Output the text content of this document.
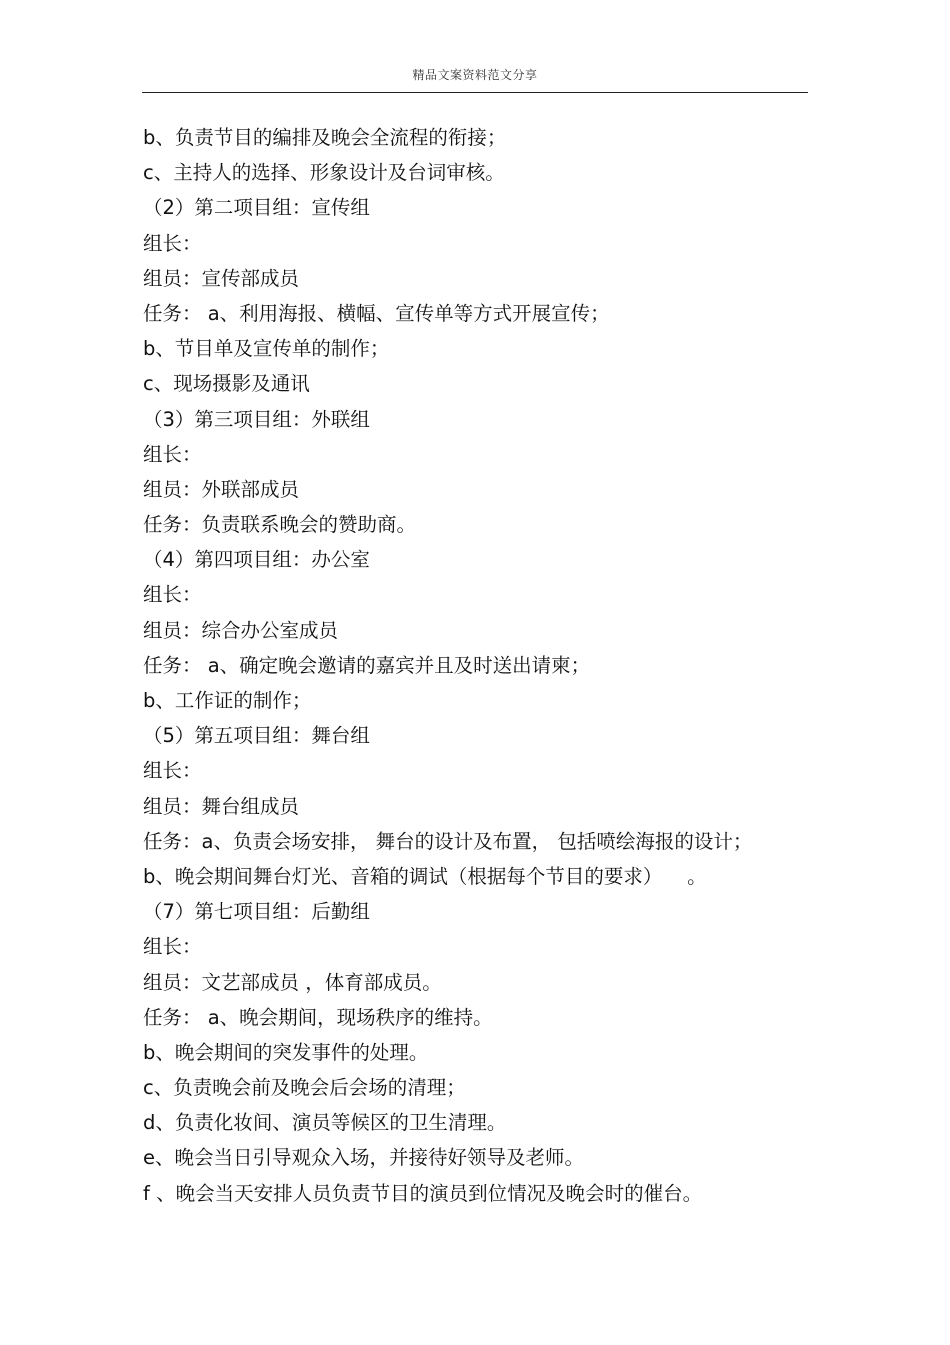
精品文案资料范文分享
b、负责节目的编排及晚会全流程的衔接；
c、主持人的选择、形象设计及台词审核。
（2）第二项目组：宣传组
组长：
组员：宣传部成员
任务： a、利用海报、横幅、宣传单等方式开展宣传；
b、节目单及宣传单的制作；
c、现场摄影及通讯
（3）第三项目组：外联组
组长：
组员：外联部成员
任务：负责联系晚会的赞助商。
（4）第四项目组：办公室
组长：
组员：综合办公室成员
任务： a、确定晚会邀请的嘉宾并且及时送出请柬；
b、工作证的制作；
（5）第五项目组：舞台组
组长：
组员：舞台组成员
任务：a、负责会场安排， 舞台的设计及布置， 包括喷绘海报的设计；
b、晚会期间舞台灯光、音箱的调试（根据每个节目的要求）    。
（7）第七项目组：后勤组
组长：
组员：文艺部成员 ，体育部成员。
任务： a、晚会期间，现场秩序的维持。
b、晚会期间的突发事件的处理。
c、负责晚会前及晚会后会场的清理；
d、负责化妆间、演员等候区的卫生清理。
e、晚会当日引导观众入场，并接待好领导及老师。
f 、晚会当天安排人员负责节目的演员到位情况及晚会时的催台。
